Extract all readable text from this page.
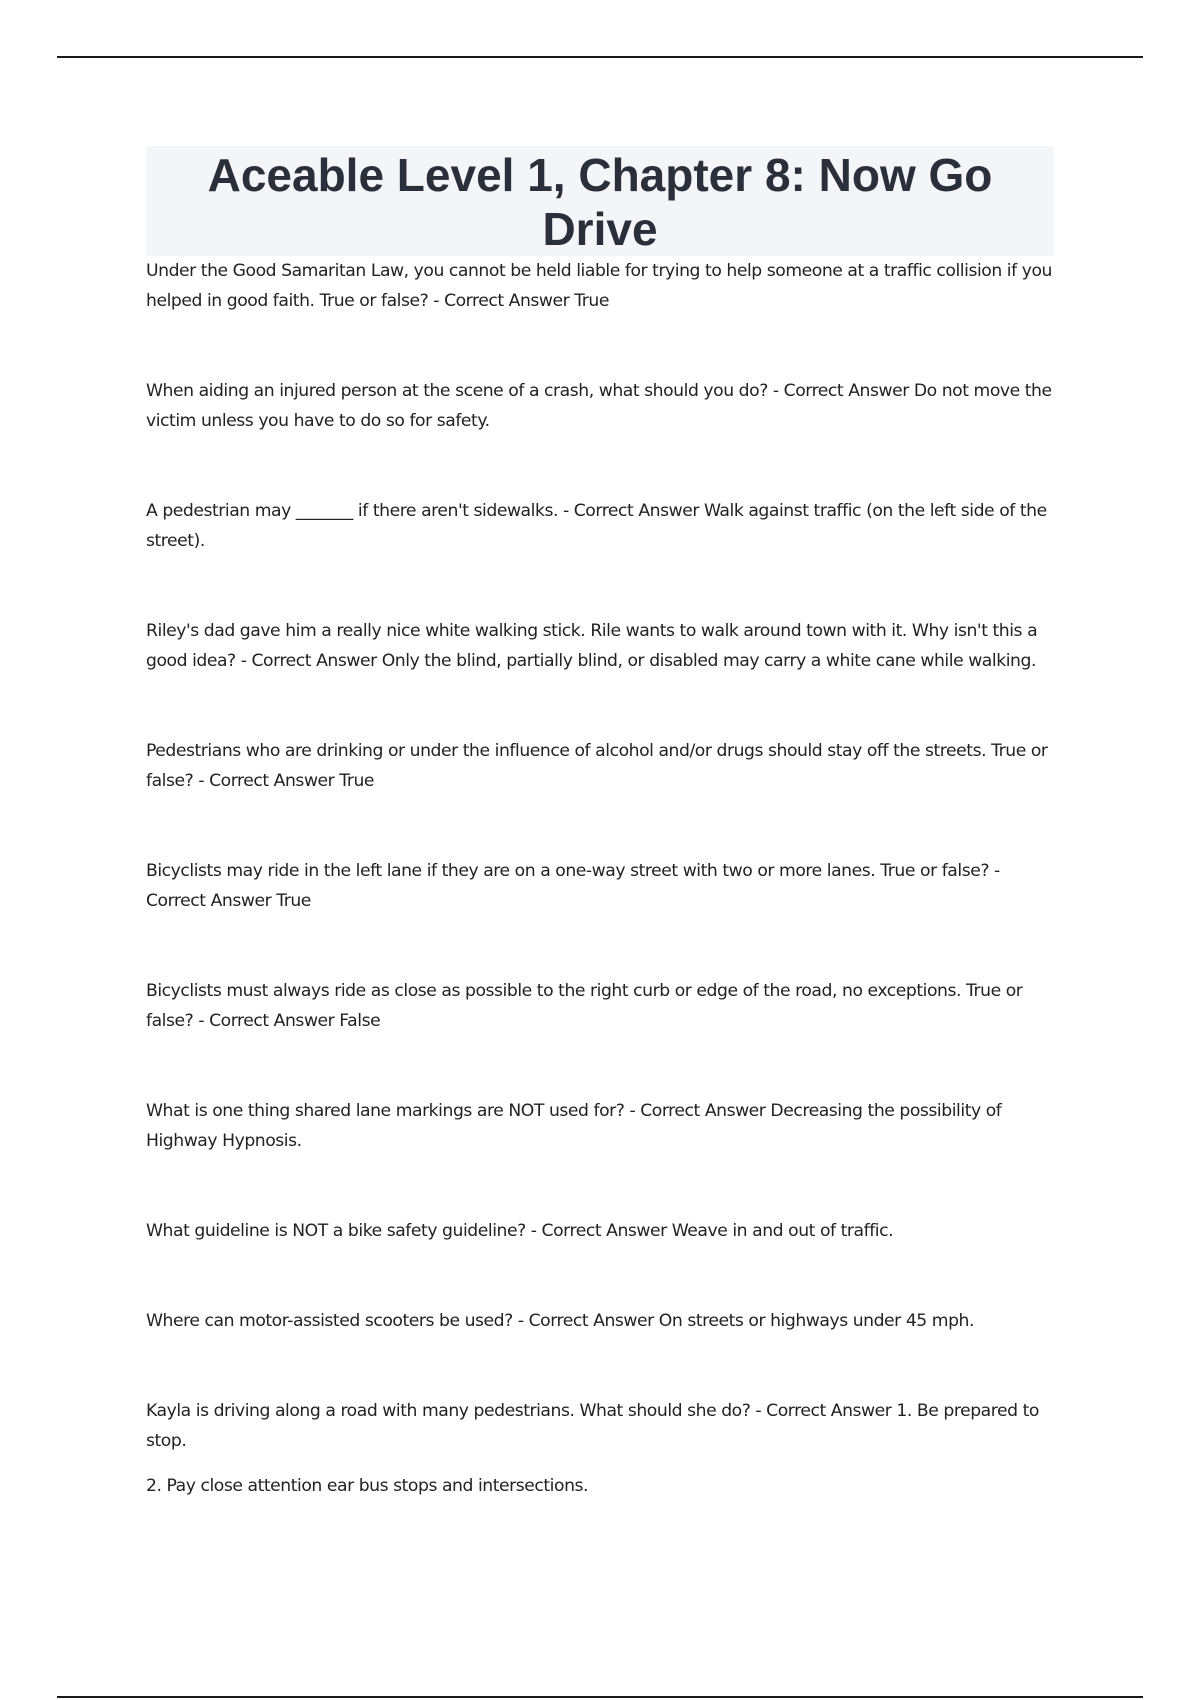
Aceable Level 1, Chapter 8: Now Go Drive

Under the Good Samaritan Law, you cannot be held liable for trying to help someone at a traffic collision if you helped in good faith. True or false? - Correct Answer True

When aiding an injured person at the scene of a crash, what should you do? - Correct Answer Do not move the victim unless you have to do so for safety.

A pedestrian may _______ if there aren't sidewalks. - Correct Answer Walk against traffic (on the left side of the street).

Riley's dad gave him a really nice white walking stick. Rile wants to walk around town with it. Why isn't this a good idea? - Correct Answer Only the blind, partially blind, or disabled may carry a white cane while walking.

Pedestrians who are drinking or under the influence of alcohol and/or drugs should stay off the streets. True or false? - Correct Answer True

Bicyclists may ride in the left lane if they are on a one-way street with two or more lanes. True or false? - Correct Answer True

Bicyclists must always ride as close as possible to the right curb or edge of the road, no exceptions. True or false? - Correct Answer False

What is one thing shared lane markings are NOT used for? - Correct Answer Decreasing the possibility of Highway Hypnosis.

What guideline is NOT a bike safety guideline? - Correct Answer Weave in and out of traffic.

Where can motor-assisted scooters be used? - Correct Answer On streets or highways under 45 mph.

Kayla is driving along a road with many pedestrians. What should she do? - Correct Answer 1. Be prepared to stop.

2. Pay close attention ear bus stops and intersections.
